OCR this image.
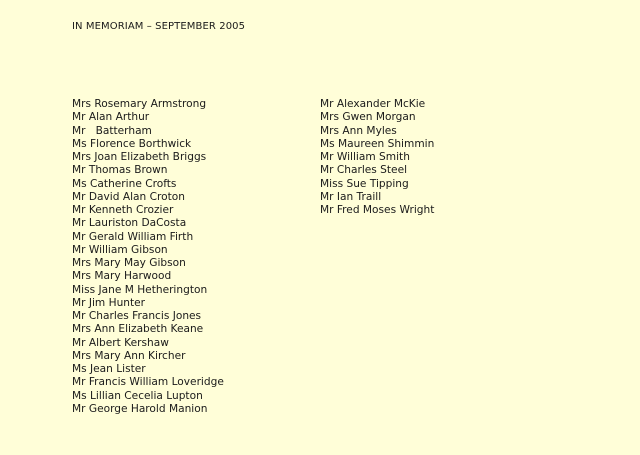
IN MEMORIAM – SEPTEMBER 2005
Mrs Rosemary Armstrong
Mr Alan Arthur
Mr   Batterham
Ms Florence Borthwick
Mrs Joan Elizabeth Briggs
Mr Thomas Brown
Ms Catherine Crofts
Mr David Alan Croton
Mr Kenneth Crozier
Mr Lauriston DaCosta
Mr Gerald William Firth
Mr William Gibson
Mrs Mary May Gibson
Mrs Mary Harwood
Miss Jane M Hetherington
Mr Jim Hunter
Mr Charles Francis Jones
Mrs Ann Elizabeth Keane
Mr Albert Kershaw
Mrs Mary Ann Kircher
Ms Jean Lister
Mr Francis William Loveridge
Ms Lillian Cecelia Lupton
Mr George Harold Manion
Mr Alexander McKie
Mrs Gwen Morgan
Mrs Ann Myles
Ms Maureen Shimmin
Mr William Smith
Mr Charles Steel
Miss Sue Tipping
Mr Ian Traill
Mr Fred Moses Wright
